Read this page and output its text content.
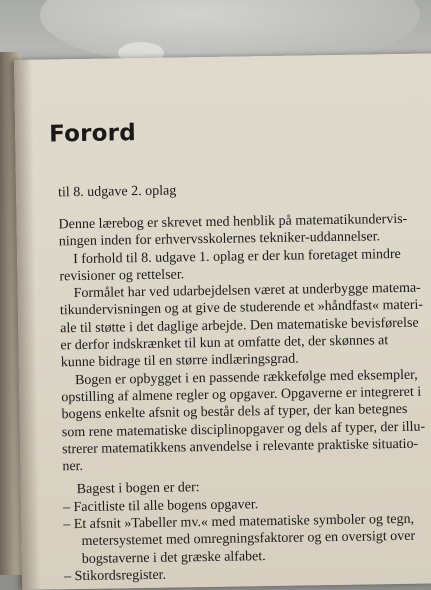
Forord
til 8. udgave 2. oplag
Denne lærebog er skrevet med henblik på matematikundervis-
ningen inden for erhvervsskolernes tekniker-uddannelser.
I forhold til 8. udgave 1. oplag er der kun foretaget mindre
revisioner og rettelser.
Formålet har ved udarbejdelsen været at underbygge matema-
tikundervisningen og at give de studerende et »håndfast« materi-
ale til støtte i det daglige arbejde. Den matematiske bevisførelse
er derfor indskrænket til kun at omfatte det, der skønnes at
kunne bidrage til en større indlæringsgrad.
Bogen er opbygget i en passende rækkefølge med eksempler,
opstilling af almene regler og opgaver. Opgaverne er integreret i
bogens enkelte afsnit og består dels af typer, der kan betegnes
som rene matematiske disciplinopgaver og dels af typer, der illu-
strerer matematikkens anvendelse i relevante praktiske situatio-
ner.
Bagest i bogen er der:
– Facitliste til alle bogens opgaver.
– Et afsnit »Tabeller mv.« med matematiske symboler og tegn,
metersystemet med omregningsfaktorer og en oversigt over
bogstaverne i det græske alfabet.
– Stikordsregister.
